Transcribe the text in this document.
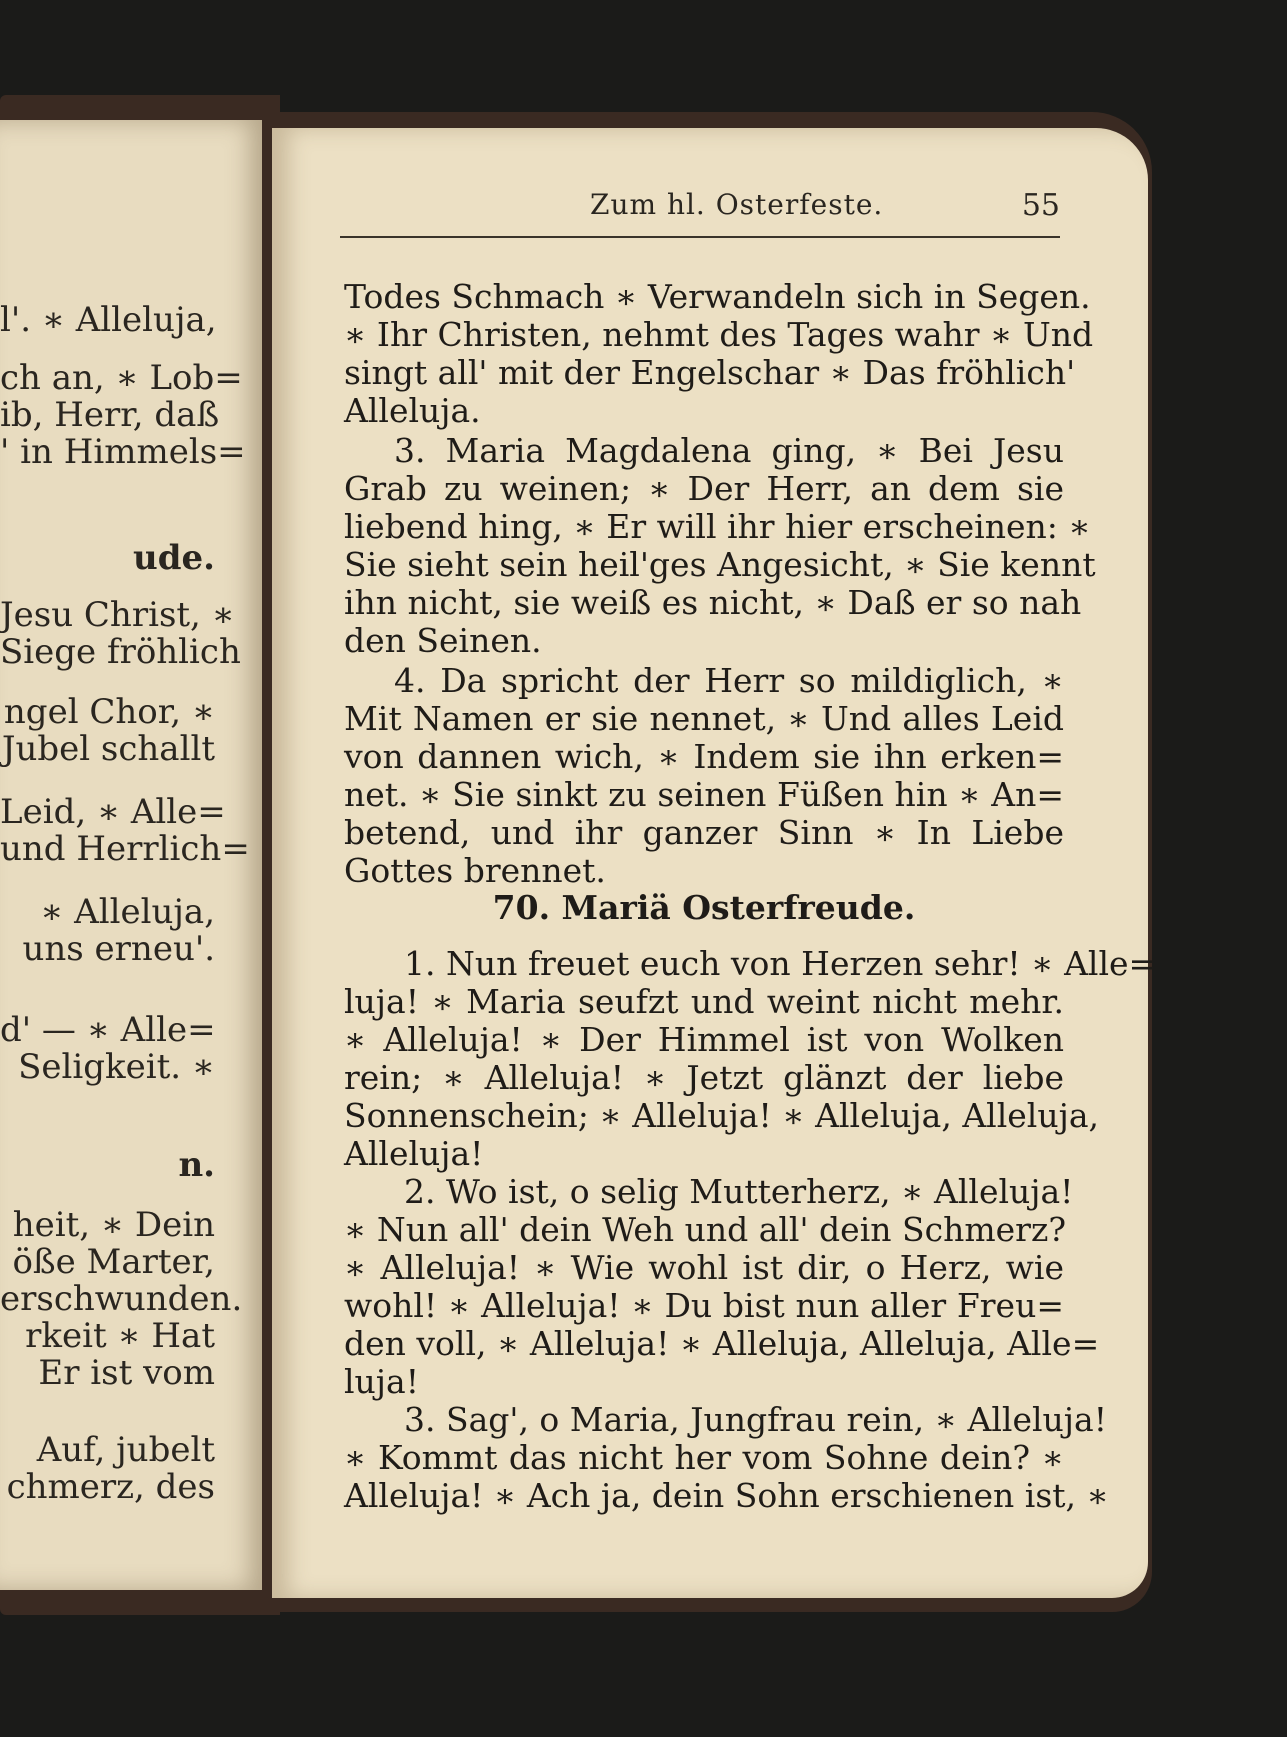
l'. ∗ Alleluja,
ch an, ∗ Lob=
ib, Herr, daß
' in Himmels=
ude.
Jesu Christ, ∗
Siege fröhlich
ngel Chor, ∗
Jubel schallt
Leid, ∗ Alle=
und Herrlich=
∗ Alleluja,
uns erneu'.
d' — ∗ Alle=
Seligkeit. ∗
n.
heit, ∗ Dein
öße Marter,
erschwunden.
rkeit ∗ Hat
Er ist vom
Auf, jubelt
chmerz, des
Zum hl. Osterfeste.	55
Todes Schmach ∗ Verwandeln sich in Segen.
∗ Ihr Christen, nehmt des Tages wahr ∗ Und
singt all' mit der Engelschar ∗ Das fröhlich'
Alleluja.
3. Maria Magdalena ging, ∗ Bei Jesu
Grab zu weinen; ∗ Der Herr, an dem sie
liebend hing, ∗ Er will ihr hier erscheinen: ∗
Sie sieht sein heil'ges Angesicht, ∗ Sie kennt
ihn nicht, sie weiß es nicht, ∗ Daß er so nah
den Seinen.
4. Da spricht der Herr so mildiglich, ∗
Mit Namen er sie nennet, ∗ Und alles Leid
von dannen wich, ∗ Indem sie ihn erken=
net. ∗ Sie sinkt zu seinen Füßen hin ∗ An=
betend, und ihr ganzer Sinn ∗ In Liebe
Gottes brennet.
70. Mariä Osterfreude.
1. Nun freuet euch von Herzen sehr! ∗ Alle=
luja! ∗ Maria seufzt und weint nicht mehr.
∗ Alleluja! ∗ Der Himmel ist von Wolken
rein; ∗ Alleluja! ∗ Jetzt glänzt der liebe
Sonnenschein; ∗ Alleluja! ∗ Alleluja, Alleluja,
Alleluja!
2. Wo ist, o selig Mutterherz, ∗ Alleluja!
∗ Nun all' dein Weh und all' dein Schmerz?
∗ Alleluja! ∗ Wie wohl ist dir, o Herz, wie
wohl! ∗ Alleluja! ∗ Du bist nun aller Freu=
den voll, ∗ Alleluja! ∗ Alleluja, Alleluja, Alle=
luja!
3. Sag', o Maria, Jungfrau rein, ∗ Alleluja!
∗ Kommt das nicht her vom Sohne dein? ∗
Alleluja! ∗ Ach ja, dein Sohn erschienen ist, ∗
